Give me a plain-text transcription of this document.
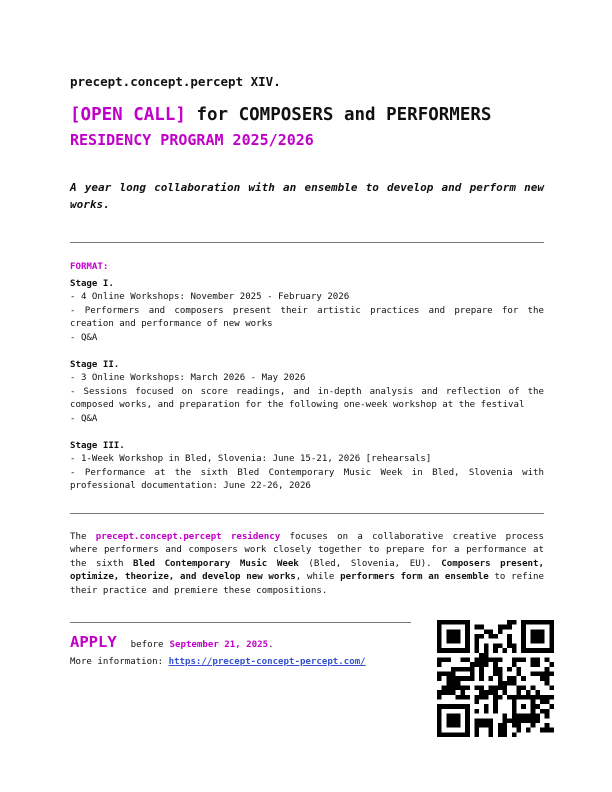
precept.concept.percept XIV.
[OPEN CALL] for COMPOSERS and PERFORMERS
RESIDENCY PROGRAM 2025/2026
A year long collaboration with an ensemble to develop and perform new works.
FORMAT:
Stage I.
- 4 Online Workshops: November 2025 - February 2026
- Performers and composers present their artistic practices and prepare for the creation and performance of new works
- Q&A
Stage II.
- 3 Online Workshops: March 2026 - May 2026
- Sessions focused on score readings, and in-depth analysis and reflection of the composed works, and preparation for the following one-week workshop at the festival
- Q&A
Stage III.
- 1-Week Workshop in Bled, Slovenia: June 15-21, 2026 [rehearsals]
- Performance at the sixth Bled Contemporary Music Week in Bled, Slovenia with professional documentation: June 22-26, 2026
The precept.concept.percept residency focuses on a collaborative creative process where performers and composers work closely together to prepare for a performance at the sixth Bled Contemporary Music Week (Bled, Slovenia, EU). Composers present, optimize, theorize, and develop new works, while performers form an ensemble to refine their practice and premiere these compositions.
APPLY before September 21, 2025 .
More information: https://precept-concept-percept.com/
